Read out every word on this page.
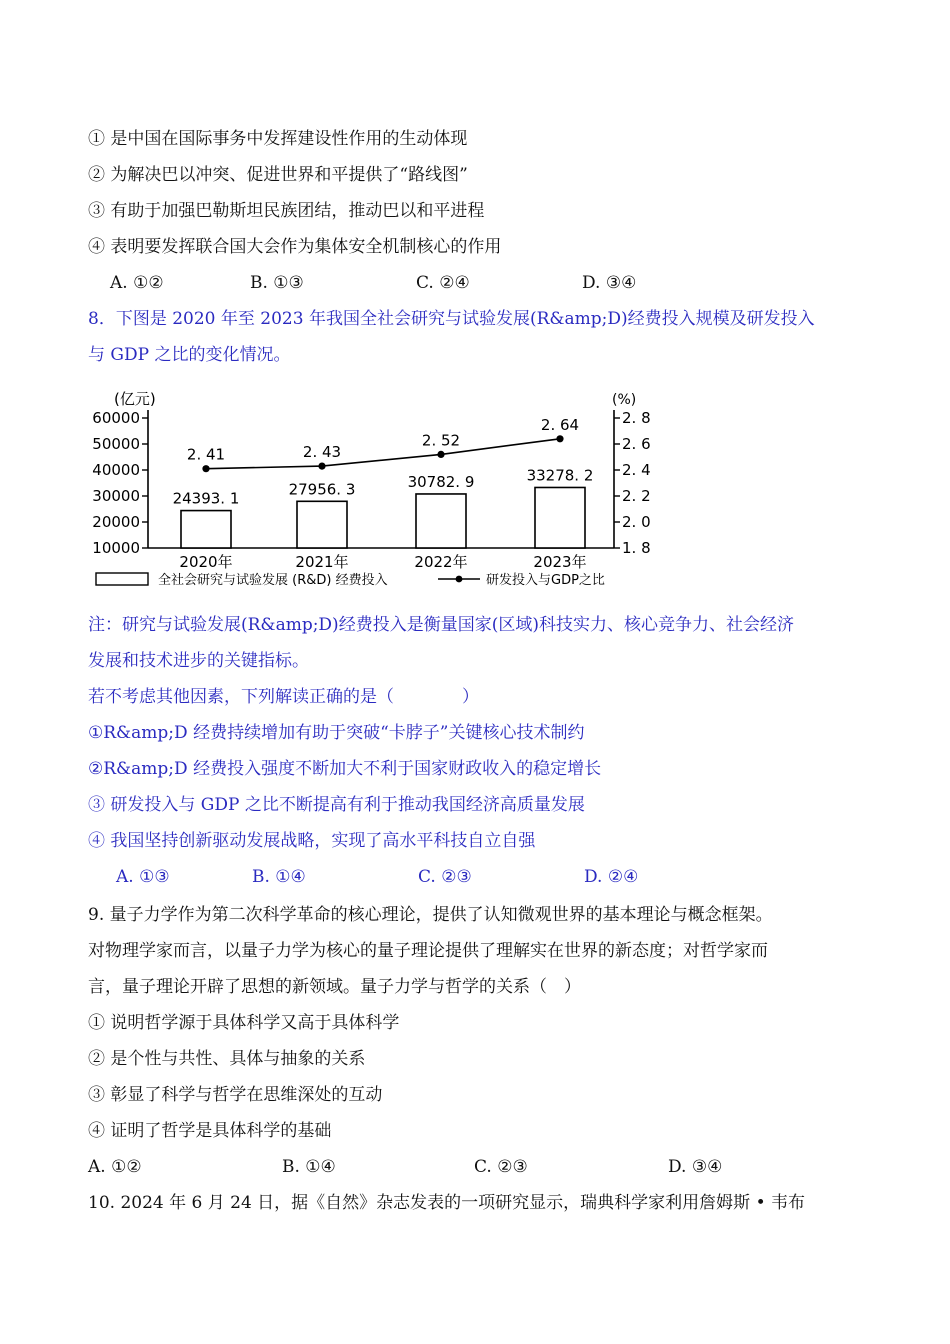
① 是中国在国际事务中发挥建设性作用的生动体现
② 为解决巴以冲突、促进世界和平提供了“路线图”
③ 有助于加强巴勒斯坦民族团结，推动巴以和平进程
④ 表明要发挥联合国大会作为集体安全机制核心的作用
A. ①②	B. ①③	C. ②④	D. ③④
8．下图是 2020 年至 2023 年我国全社会研究与试验发展(R&amp;D)经费投入规模及研发投入
与 GDP 之比的变化情况。
(亿元)	(%)
60000
50000
40000
30000
20000
10000
2. 8
2. 6
2. 4
2. 2
2. 0
1. 8
24393. 1
27956. 3	30782. 9	33278. 2
2. 41	2. 43
2. 52
2. 64
2020年	2021年	2022年	2023年
全社会研究与试验发展 (R&D) 经费投入	研发投入与GDP之比
注：研究与试验发展(R&amp;D)经费投入是衡量国家(区域)科技实力、核心竞争力、社会经济
发展和技术进步的关键指标。
若不考虑其他因素，下列解读正确的是（　　　　）
①R&amp;D 经费持续增加有助于突破“卡脖子”关键核心技术制约
②R&amp;D 经费投入强度不断加大不利于国家财政收入的稳定增长
③ 研发投入与 GDP 之比不断提高有利于推动我国经济高质量发展
④ 我国坚持创新驱动发展战略，实现了高水平科技自立自强
A. ①③	B. ①④	C. ②③	D. ②④
9. 量子力学作为第二次科学革命的核心理论，提供了认知微观世界的基本理论与概念框架。
对物理学家而言，以量子力学为核心的量子理论提供了理解实在世界的新态度；对哲学家而
言，量子理论开辟了思想的新领域。量子力学与哲学的关系（　）
① 说明哲学源于具体科学又高于具体科学
② 是个性与共性、具体与抽象的关系
③ 彰显了科学与哲学在思维深处的互动
④ 证明了哲学是具体科学的基础
A. ①②	B. ①④	C. ②③	D. ③④
10. 2024 年 6 月 24 日，据《自然》杂志发表的一项研究显示，瑞典科学家利用詹姆斯 • 韦布
